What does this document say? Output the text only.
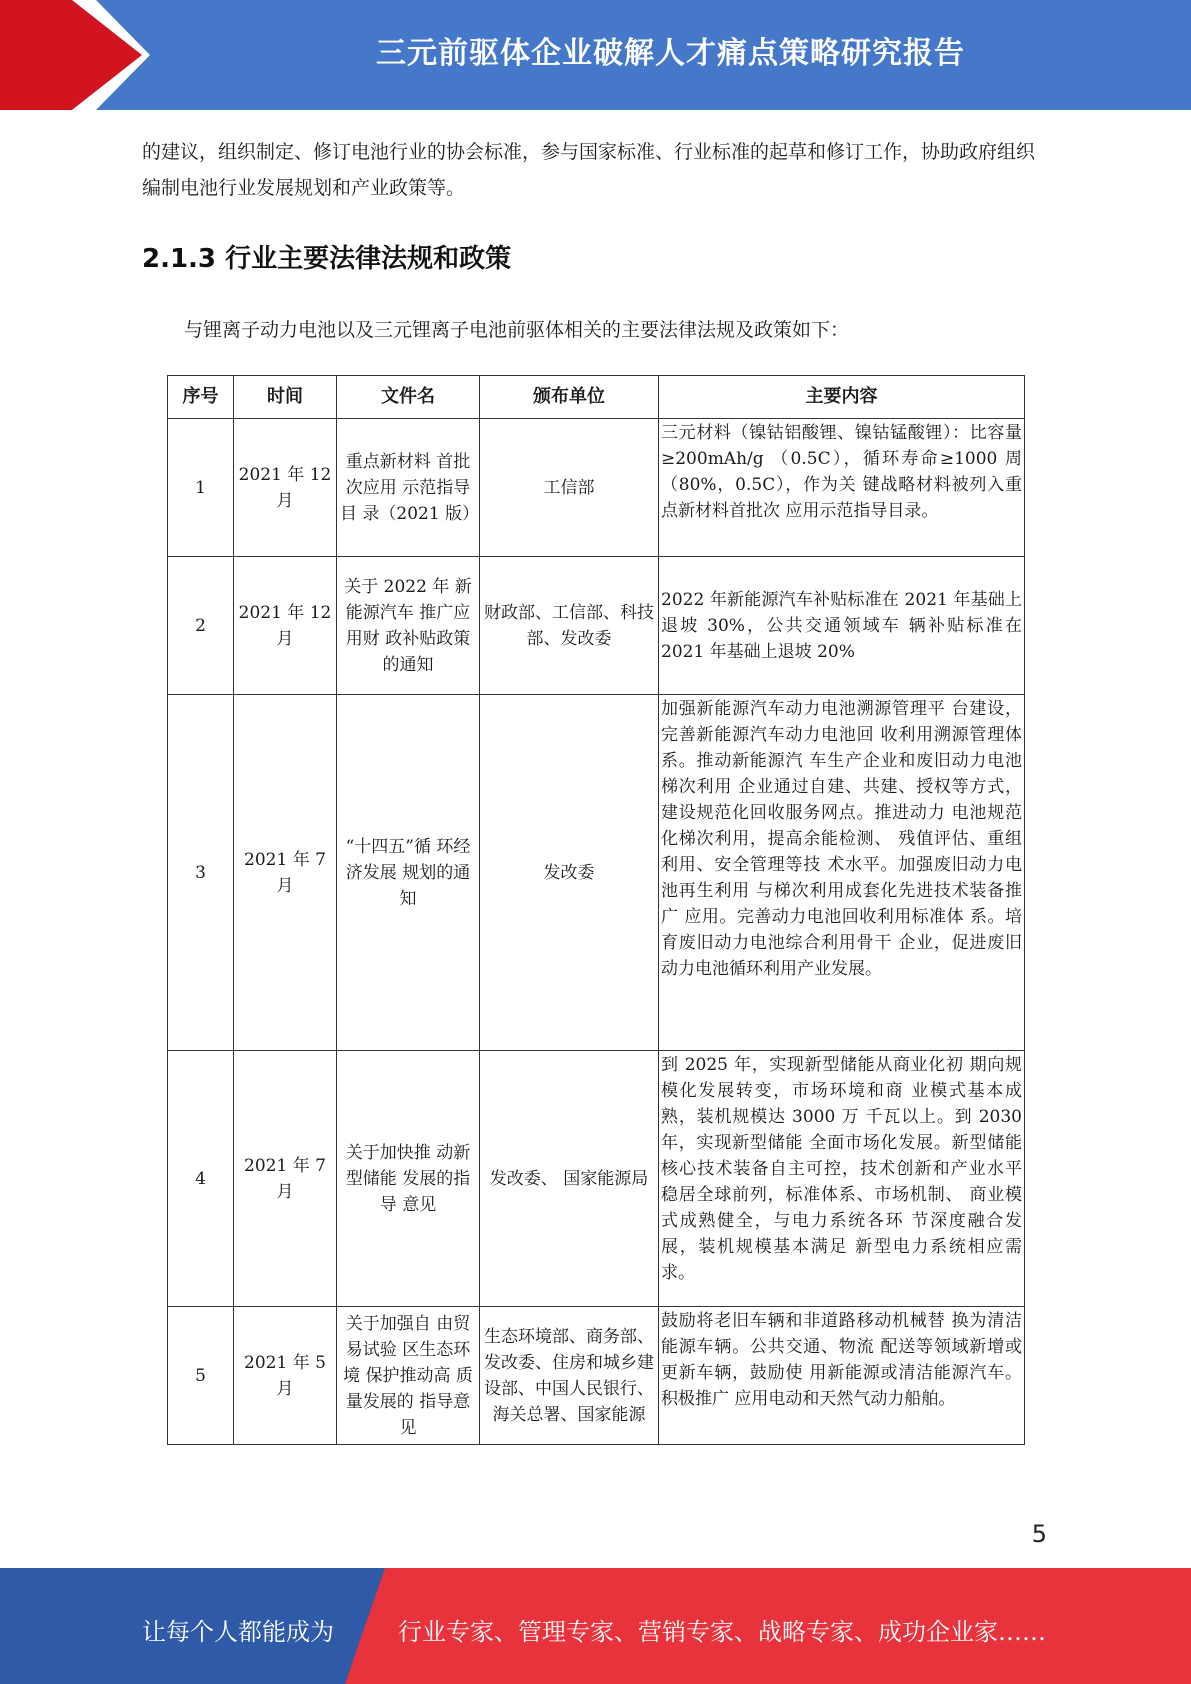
三元前驱体企业破解人才痛点策略研究报告

的建议，组织制定、修订电池行业的协会标准，参与国家标准、行业标准的起草和修订工作，协助政府组织编制电池行业发展规划和产业政策等。

2.1.3 行业主要法律法规和政策

与锂离子动力电池以及三元锂离子电池前驱体相关的主要法律法规及政策如下：

序号	时间	文件名	颁布单位	主要内容
1	2021 年 12 月	重点新材料 首批次应用 示范指导目 录（2021 版）	工信部	三元材料（镍钴铝酸锂、镍钴锰酸锂）：比容量≥200mAh/g （0.5C），循环寿命≥1000 周（80%，0.5C），作为关 键战略材料被列入重点新材料首批次 应用示范指导目录。
2	2021 年 12 月	关于 2022 年 新能源汽车 推广应用财 政补贴政策 的通知	财政部、工信部、科技部、发改委	2022 年新能源汽车补贴标准在 2021 年基础上退坡 30%，公共交通领域车 辆补贴标准在 2021 年基础上退坡 20%
3	2021 年 7 月	“十四五”循 环经济发展 规划的通知	发改委	加强新能源汽车动力电池溯源管理平 台建设，完善新能源汽车动力电池回 收利用溯源管理体系。推动新能源汽 车生产企业和废旧动力电池梯次利用 企业通过自建、共建、授权等方式， 建设规范化回收服务网点。推进动力 电池规范化梯次利用，提高余能检测、 残值评估、重组利用、安全管理等技 术水平。加强废旧动力电池再生利用 与梯次利用成套化先进技术装备推广 应用。完善动力电池回收利用标准体 系。培育废旧动力电池综合利用骨干 企业，促进废旧动力电池循环利用产业发展。
4	2021 年 7 月	关于加快推 动新型储能 发展的指导 意见	发改委、 国家能源局	到 2025 年，实现新型储能从商业化初 期向规模化发展转变，市场环境和商 业模式基本成熟，装机规模达 3000 万 千瓦以上。到 2030 年，实现新型储能 全面市场化发展。新型储能核心技术装备自主可控，技术创新和产业水平 稳居全球前列，标准体系、市场机制、 商业模式成熟健全，与电力系统各环 节深度融合发展，装机规模基本满足 新型电力系统相应需求。
5	2021 年 5 月	关于加强自 由贸易试验 区生态环境 保护推动高 质量发展的 指导意见	生态环境部、商务部、发改委、住房和城乡建设部、中国人民银行、海关总署、国家能源	鼓励将老旧车辆和非道路移动机械替 换为清洁能源车辆。公共交通、物流 配送等领域新增或更新车辆，鼓励使 用新能源或清洁能源汽车。积极推广 应用电动和天然气动力船舶。
5
让每个人都能成为	行业专家、管理专家、营销专家、战略专家、成功企业家……
